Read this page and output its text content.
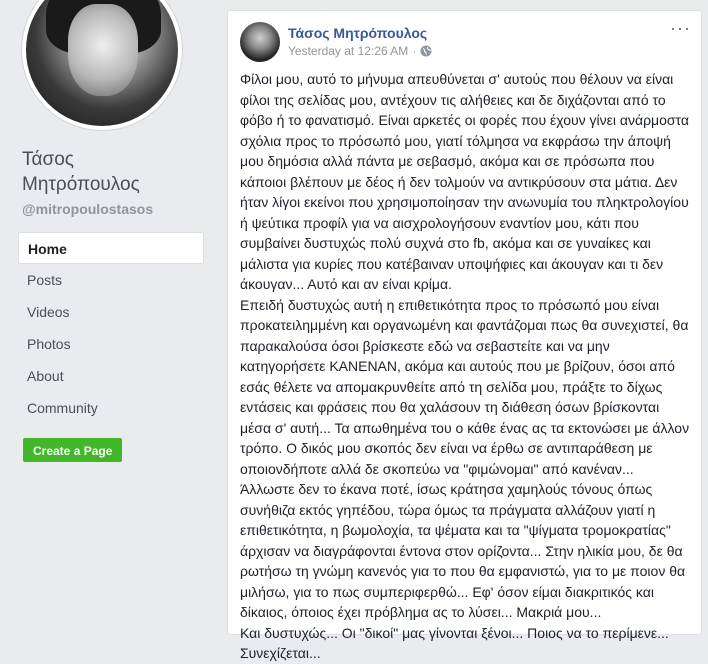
Τάσος Μητρόπουλος
@mitropoulostasos
Home
Posts
Videos
Photos
About
Community
Create a Page
Τάσος Μητρόπουλος
Yesterday at 12:26 AM ·
···

Φίλοι μου, αυτό το μήνυμα απευθύνεται σ' αυτούς που θέλουν να είναι φίλοι της σελίδας μου, αντέχουν τις αλήθειες και δε διχάζονται από το φόβο ή το φανατισμό. Είναι αρκετές οι φορές που έχουν γίνει ανάρμοστα σχόλια προς το πρόσωπό μου, γιατί τόλμησα να εκφράσω την άποψή μου δημόσια αλλά πάντα με σεβασμό, ακόμα και σε πρόσωπα που κάποιοι βλέπουν με δέος ή δεν τολμούν να αντικρύσουν στα μάτια. Δεν ήταν λίγοι εκείνοι που χρησιμοποίησαν την ανωνυμία του πληκτρολογίου ή ψεύτικα προφίλ για να αισχρολογήσουν εναντίον μου, κάτι που συμβαίνει δυστυχώς πολύ συχνά στο fb, ακόμα και σε γυναίκες και μάλιστα για κυρίες που κατέβαιναν υποψήφιες και άκουγαν και τι δεν άκουγαν... Αυτό και αν είναι κρίμα.

Επειδή δυστυχώς αυτή η επιθετικότητα προς το πρόσωπό μου είναι προκατειλημμένη και οργανωμένη και φαντάζομαι πως θα συνεχιστεί, θα παρακαλούσα όσοι βρίσκεστε εδώ να σεβαστείτε και να μην κατηγορήσετε ΚΑΝΕΝΑΝ, ακόμα και αυτούς που με βρίζουν, όσοι από εσάς θέλετε να απομακρυνθείτε από τη σελίδα μου, πράξτε το δίχως εντάσεις και φράσεις που θα χαλάσουν τη διάθεση όσων βρίσκονται μέσα σ' αυτή... Τα απωθημένα του ο κάθε ένας ας τα εκτονώσει με άλλον τρόπο. Ο δικός μου σκοπός δεν είναι να έρθω σε αντιπαράθεση με οποιονδήποτε αλλά δε σκοπεύω να "φιμώνομαι" από κανέναν... Άλλωστε δεν το έκανα ποτέ, ίσως κράτησα χαμηλούς τόνους όπως συνήθιζα εκτός γηπέδου, τώρα όμως τα πράγματα αλλάζουν γιατί η επιθετικότητα, η βωμολοχία, τα ψέματα και τα "ψίγματα τρομοκρατίας" άρχισαν να διαγράφονται έντονα στον ορίζοντα... Στην ηλικία μου, δε θα ρωτήσω τη γνώμη κανενός για το που θα εμφανιστώ, για το με ποιον θα μιλήσω, για το πως συμπεριφερθώ... Εφ' όσον είμαι διακριτικός και δίκαιος, όποιος έχει πρόβλημα ας το λύσει... Μακριά μου...

Και δυστυχώς... Οι "δικοί" μας γίνονται ξένοι... Ποιος να το περίμενε...

Συνεχίζεται...
